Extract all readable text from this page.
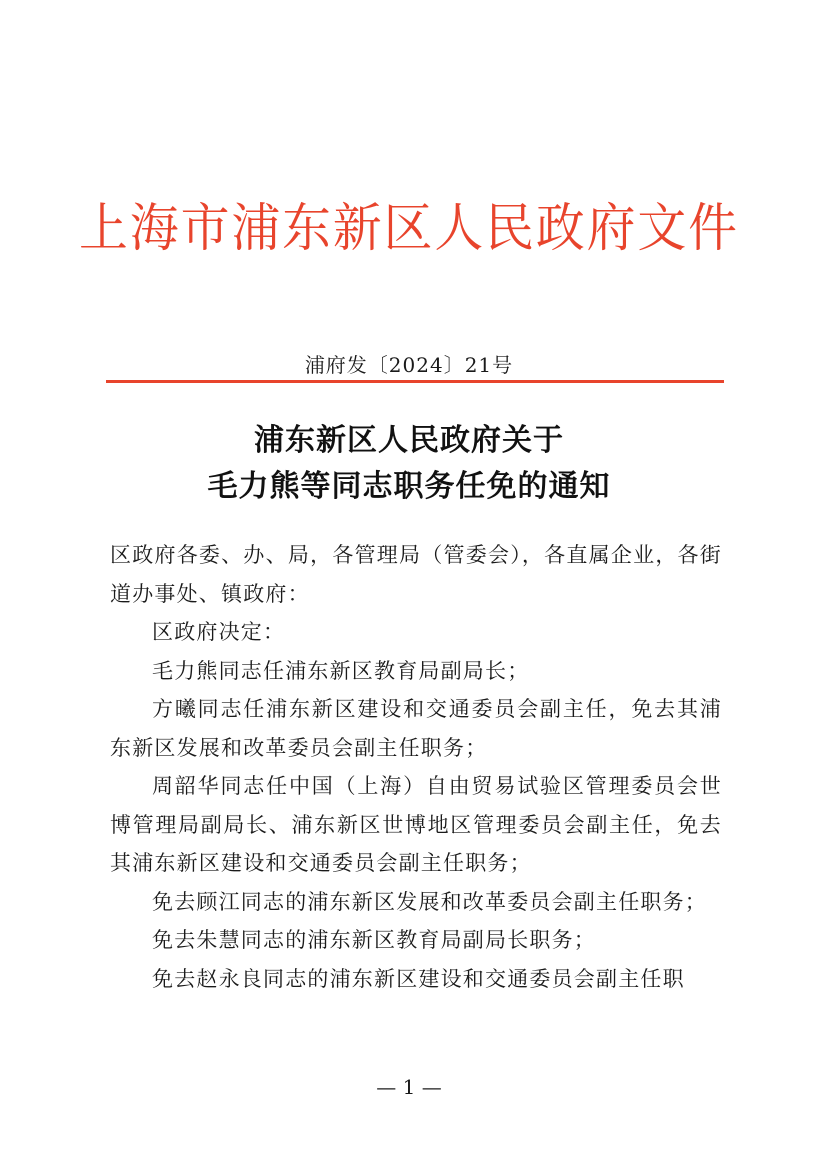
上海市浦东新区人民政府文件
浦府发〔2024〕21号
浦东新区人民政府关于
毛力熊等同志职务任免的通知

区政府各委、办、局，各管理局（管委会），各直属企业，各街道办事处、镇政府：

区政府决定：

毛力熊同志任浦东新区教育局副局长；

方曦同志任浦东新区建设和交通委员会副主任，免去其浦东新区发展和改革委员会副主任职务；

周韶华同志任中国（上海）自由贸易试验区管理委员会世博管理局副局长、浦东新区世博地区管理委员会副主任，免去其浦东新区建设和交通委员会副主任职务；

免去顾江同志的浦东新区发展和改革委员会副主任职务；

免去朱慧同志的浦东新区教育局副局长职务；

免去赵永良同志的浦东新区建设和交通委员会副主任职

— 1 —
